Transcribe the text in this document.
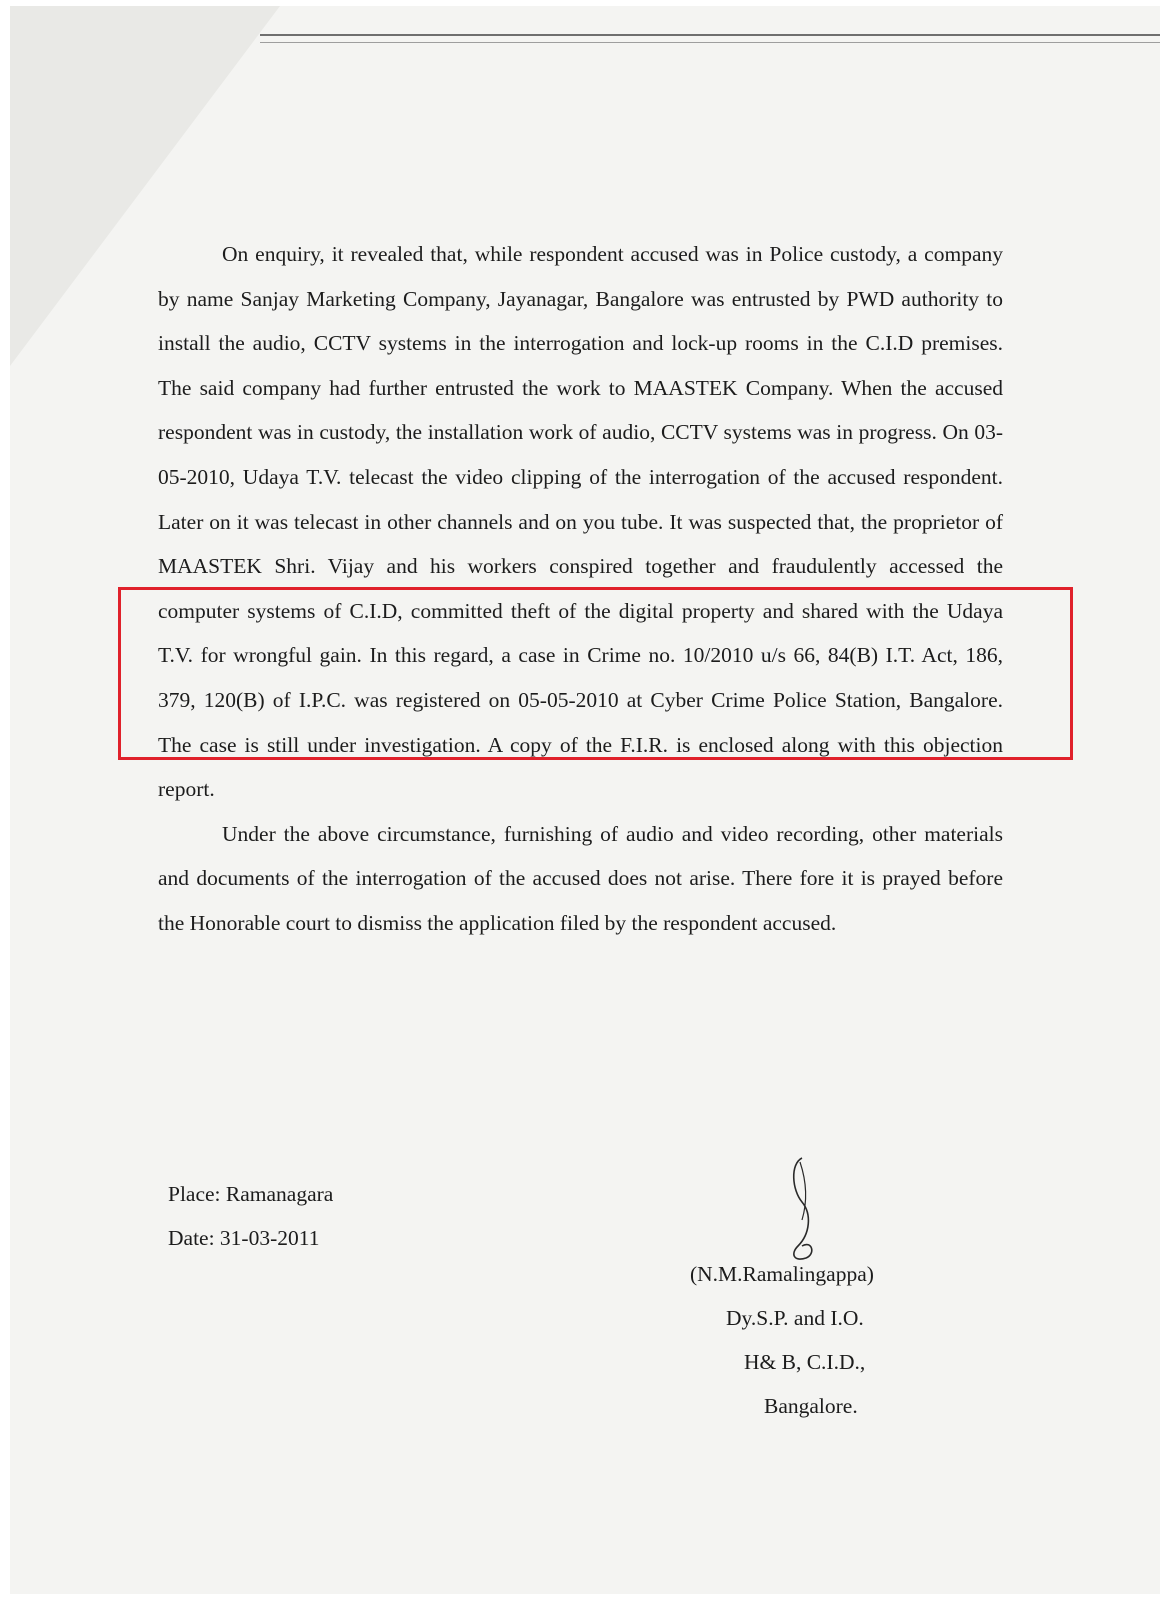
On enquiry, it revealed that, while respondent accused was in Police custody, a company by name Sanjay Marketing Company, Jayanagar, Bangalore was entrusted by PWD authority to install the audio, CCTV systems in the interrogation and lock-up rooms in the C.I.D premises. The said company had further entrusted the work to MAASTEK Company. When the accused respondent was in custody, the installation work of audio, CCTV systems was in progress. On 03-05-2010, Udaya T.V. telecast the video clipping of the interrogation of the accused respondent. Later on it was telecast in other channels and on you tube. It was suspected that, the proprietor of MAASTEK Shri. Vijay and his workers conspired together and fraudulently accessed the computer systems of C.I.D, committed theft of the digital property and shared with the Udaya T.V. for wrongful gain. In this regard, a case in Crime no. 10/2010 u/s 66, 84(B) I.T. Act, 186, 379, 120(B) of I.P.C. was registered on 05-05-2010 at Cyber Crime Police Station, Bangalore. The case is still under investigation. A copy of the F.I.R. is enclosed along with this objection report.

Under the above circumstance, furnishing of audio and video recording, other materials and documents of the interrogation of the accused does not arise. There fore it is prayed before the Honorable court to dismiss the application filed by the respondent accused.

Place: Ramanagara
Date: 31-03-2011
(N.M.Ramalingappa)
Dy.S.P. and I.O.
H& B, C.I.D.,
Bangalore.
